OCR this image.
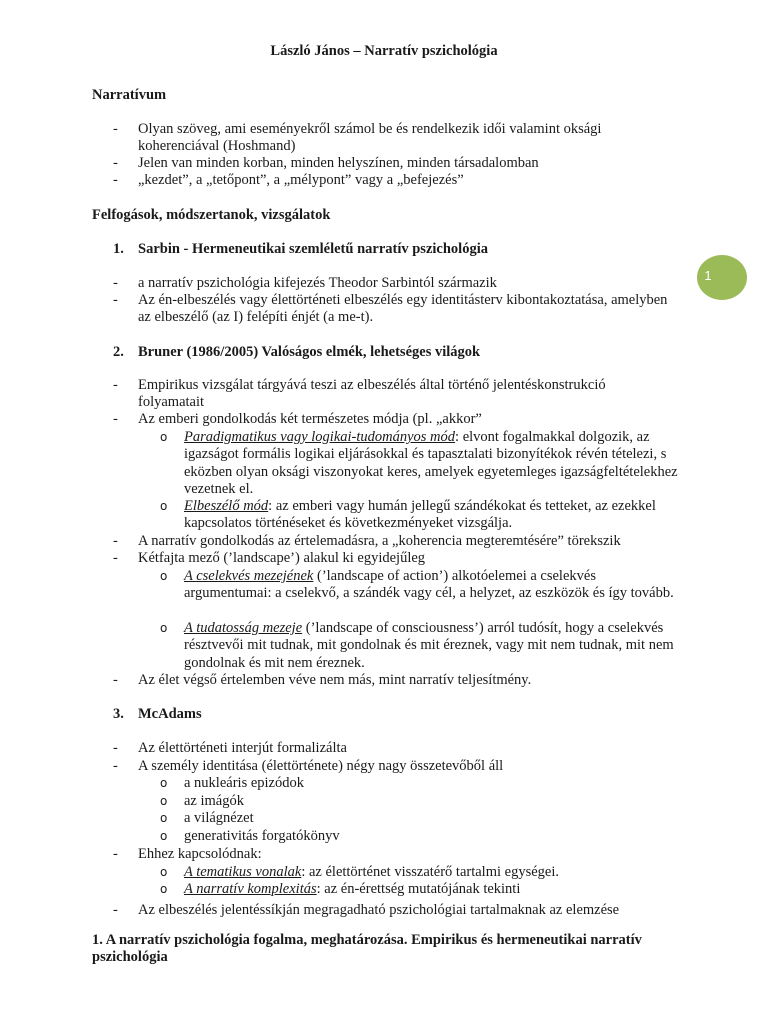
László János – Narratív pszichológia
1
Narratívum
- Olyan szöveg, ami eseményekről számol be és rendelkezik idői valamint oksági koherenciával (Hoshmand)
- Jelen van minden korban, minden helyszínen, minden társadalomban
- „kezdet”, a „tetőpont”, a „mélypont” vagy a „befejezés”
Felfogások, módszertanok, vizsgálatok
1. Sarbin - Hermeneutikai szemléletű narratív pszichológia
- a narratív pszichológia kifejezés Theodor Sarbintól származik
- Az én-elbeszélés vagy élettörténeti elbeszélés egy identitásterv kibontakoztatása, amelyben az elbeszélő (az I) felépíti énjét (a me-t).
2. Bruner (1986/2005) Valóságos elmék, lehetséges világok
- Empirikus vizsgálat tárgyává teszi az elbeszélés által történő jelentéskonstrukció folyamatait
- Az emberi gondolkodás két természetes módja (pl. „akkor”
o Paradigmatikus vagy logikai-tudományos mód: elvont fogalmakkal dolgozik, az igazságot formális logikai eljárásokkal és tapasztalati bizonyítékok révén tételezi, s eközben olyan oksági viszonyokat keres, amelyek egyetemleges igazságfeltételekhez vezetnek el.
o Elbeszélő mód: az emberi vagy humán jellegű szándékokat és tetteket, az ezekkel kapcsolatos történéseket és következményeket vizsgálja.
- A narratív gondolkodás az értelemadásra, a „koherencia megteremtésére” törekszik
- Kétfajta mező (’landscape’) alakul ki egyidejűleg
o A cselekvés mezejének (’landscape of action’) alkotóelemei a cselekvés argumentumai: a cselekvő, a szándék vagy cél, a helyzet, az eszközök és így tovább.
o A tudatosság mezeje (’landscape of consciousness’) arról tudósít, hogy a cselekvés résztvevői mit tudnak, mit gondolnak és mit éreznek, vagy mit nem tudnak, mit nem gondolnak és mit nem éreznek.
- Az élet végső értelemben véve nem más, mint narratív teljesítmény.
3. McAdams
- Az élettörténeti interjút formalizálta
- A személy identitása (élettörténete) négy nagy összetevőből áll
o a nukleáris epizódok
o az imágók
o a világnézet
o generativitás forgatókönyv
- Ehhez kapcsolódnak:
o A tematikus vonalak: az élettörténet visszatérő tartalmi egységei.
o A narratív komplexitás: az én-érettség mutatójának tekinti
- Az elbeszélés jelentéssíkján megragadható pszichológiai tartalmaknak az elemzése
1. A narratív pszichológia fogalma, meghatározása. Empirikus és hermeneutikai narratív pszichológia
